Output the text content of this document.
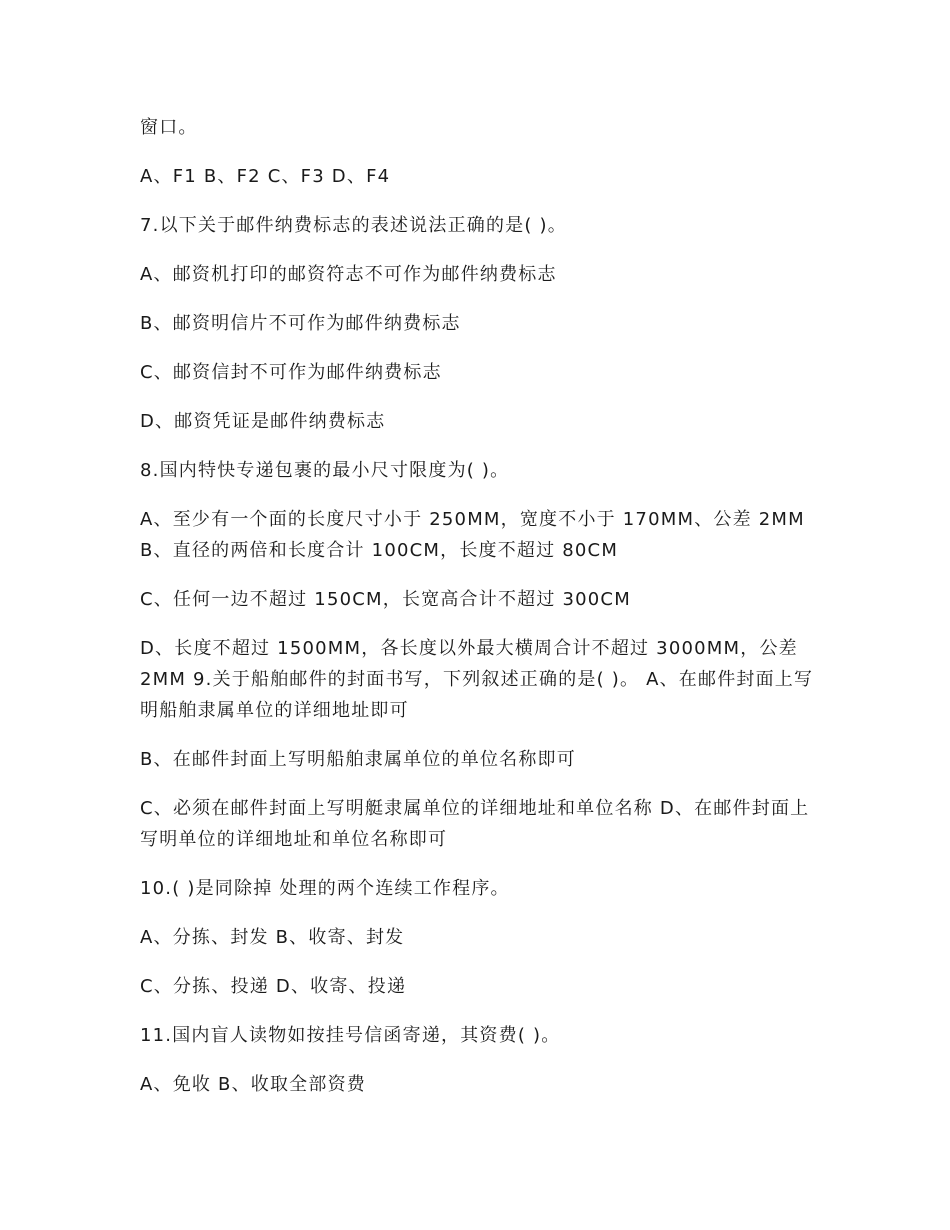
窗口。

A、F1 B、F2 C、F3 D、F4

7.以下关于邮件纳费标志的表述说法正确的是( )。

A、邮资机打印的邮资符志不可作为邮件纳费标志

B、邮资明信片不可作为邮件纳费标志

C、邮资信封不可作为邮件纳费标志

D、邮资凭证是邮件纳费标志

8.国内特快专递包裹的最小尺寸限度为( )。

A、至少有一个面的长度尺寸小于 250MM，宽度不小于 170MM、公差 2MM B、直径的两倍和长度合计 100CM，长度不超过 80CM

C、任何一边不超过 150CM，长宽高合计不超过 300CM

D、长度不超过 1500MM，各长度以外最大横周合计不超过 3000MM，公差 2MM 9.关于船舶邮件的封面书写，下列叙述正确的是( )。 A、在邮件封面上写明船舶隶属单位的详细地址即可

B、在邮件封面上写明船舶隶属单位的单位名称即可

C、必须在邮件封面上写明艇隶属单位的详细地址和单位名称 D、在邮件封面上写明单位的详细地址和单位名称即可

10.( )是同除掉 处理的两个连续工作程序。

A、分拣、封发 B、收寄、封发

C、分拣、投递 D、收寄、投递

11.国内盲人读物如按挂号信函寄递，其资费( )。

A、免收 B、收取全部资费
